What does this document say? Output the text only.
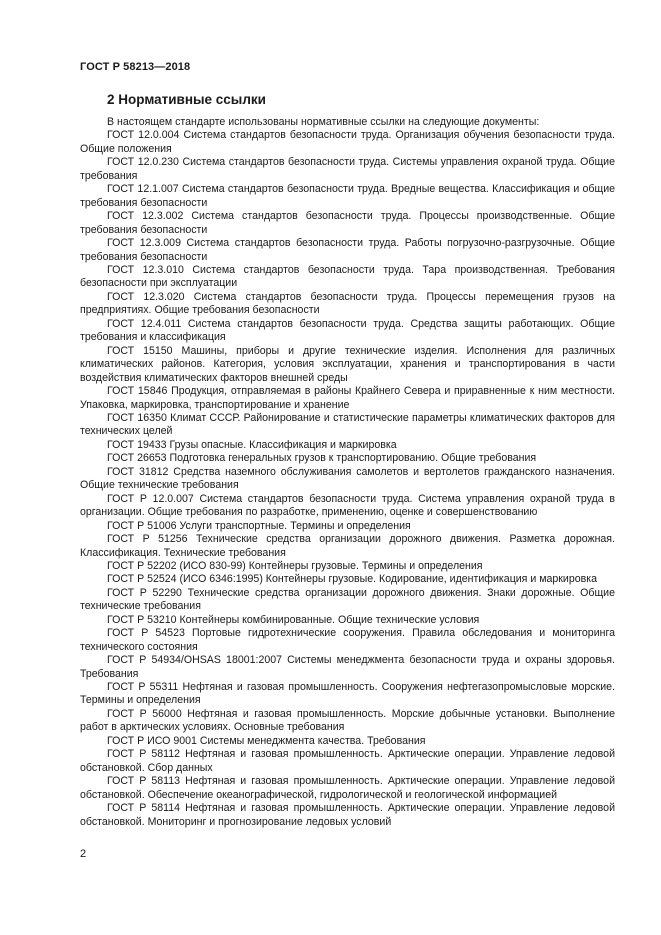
ГОСТ Р 58213—2018
2 Нормативные ссылки

В настоящем стандарте использованы нормативные ссылки на следующие документы:

ГОСТ 12.0.004 Система стандартов безопасности труда. Организация обучения безопасности труда. Общие положения

ГОСТ 12.0.230 Система стандартов безопасности труда. Системы управления охраной труда. Общие требования

ГОСТ 12.1.007 Система стандартов безопасности труда. Вредные вещества. Классификация и общие требования безопасности

ГОСТ 12.3.002 Система стандартов безопасности труда. Процессы производственные. Общие требования безопасности

ГОСТ 12.3.009 Система стандартов безопасности труда. Работы погрузочно-разгрузочные. Общие требования безопасности

ГОСТ 12.3.010 Система стандартов безопасности труда. Тара производственная. Требования безопасности при эксплуатации

ГОСТ 12.3.020 Система стандартов безопасности труда. Процессы перемещения грузов на предприятиях. Общие требования безопасности

ГОСТ 12.4.011 Система стандартов безопасности труда. Средства защиты работающих. Общие требования и классификация

ГОСТ 15150 Машины, приборы и другие технические изделия. Исполнения для различных климатических районов. Категория, условия эксплуатации, хранения и транспортирования в части воздействия климатических факторов внешней среды

ГОСТ 15846 Продукция, отправляемая в районы Крайнего Севера и приравненные к ним местности. Упаковка, маркировка, транспортирование и хранение

ГОСТ 16350 Климат СССР. Районирование и статистические параметры климатических факторов для технических целей

ГОСТ 19433 Грузы опасные. Классификация и маркировка

ГОСТ 26653 Подготовка генеральных грузов к транспортированию. Общие требования

ГОСТ 31812 Средства наземного обслуживания самолетов и вертолетов гражданского назначения. Общие технические требования

ГОСТ Р 12.0.007 Система стандартов безопасности труда. Система управления охраной труда в организации. Общие требования по разработке, применению, оценке и совершенствованию

ГОСТ Р 51006 Услуги транспортные. Термины и определения

ГОСТ Р 51256 Технические средства организации дорожного движения. Разметка дорожная. Классификация. Технические требования

ГОСТ Р 52202 (ИСО 830-99) Контейнеры грузовые. Термины и определения

ГОСТ Р 52524 (ИСО 6346:1995) Контейнеры грузовые. Кодирование, идентификация и маркировка

ГОСТ Р 52290 Технические средства организации дорожного движения. Знаки дорожные. Общие технические требования

ГОСТ Р 53210 Контейнеры комбинированные. Общие технические условия

ГОСТ Р 54523 Портовые гидротехнические сооружения. Правила обследования и мониторинга технического состояния

ГОСТ Р 54934/OHSAS 18001:2007 Системы менеджмента безопасности труда и охраны здоровья. Требования

ГОСТ Р 55311 Нефтяная и газовая промышленность. Сооружения нефтегазопромысловые морские. Термины и определения

ГОСТ Р 56000 Нефтяная и газовая промышленность. Морские добычные установки. Выполнение работ в арктических условиях. Основные требования

ГОСТ Р ИСО 9001 Системы менеджмента качества. Требования

ГОСТ Р 58112 Нефтяная и газовая промышленность. Арктические операции. Управление ледовой обстановкой. Сбор данных

ГОСТ Р 58113 Нефтяная и газовая промышленность. Арктические операции. Управление ледовой обстановкой. Обеспечение океанографической, гидрологической и геологической информацией

ГОСТ Р 58114 Нефтяная и газовая промышленность. Арктические операции. Управление ледовой обстановкой. Мониторинг и прогнозирование ледовых условий

2
